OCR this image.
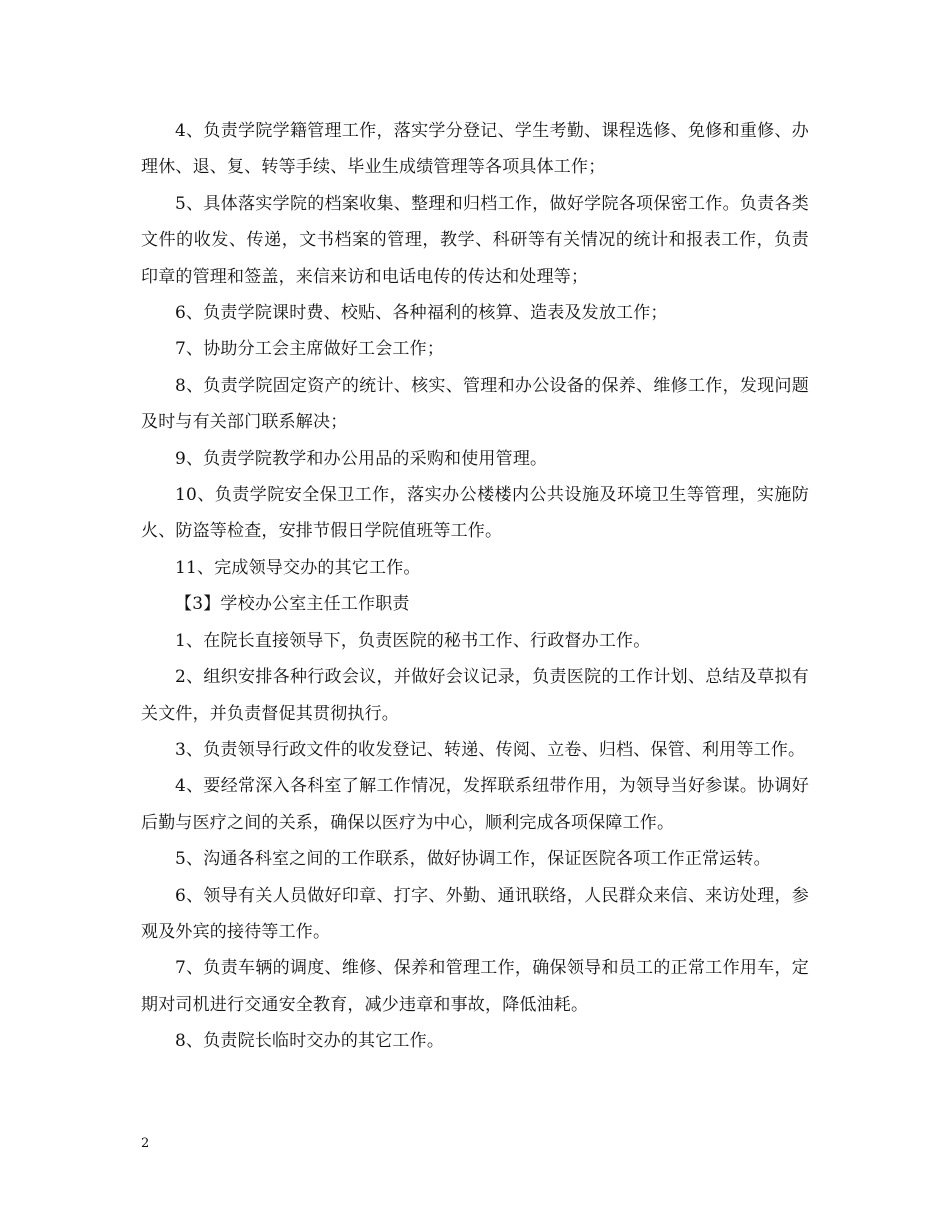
4、负责学院学籍管理工作，落实学分登记、学生考勤、课程选修、免修和重修、办理休、退、复、转等手续、毕业生成绩管理等各项具体工作；

5、具体落实学院的档案收集、整理和归档工作，做好学院各项保密工作。负责各类文件的收发、传递，文书档案的管理，教学、科研等有关情况的统计和报表工作，负责印章的管理和签盖，来信来访和电话电传的传达和处理等；

6、负责学院课时费、校贴、各种福利的核算、造表及发放工作；

7、协助分工会主席做好工会工作；

8、负责学院固定资产的统计、核实、管理和办公设备的保养、维修工作，发现问题及时与有关部门联系解决；

9、负责学院教学和办公用品的采购和使用管理。

10、负责学院安全保卫工作，落实办公楼楼内公共设施及环境卫生等管理，实施防火、防盗等检查，安排节假日学院值班等工作。

11、完成领导交办的其它工作。

【3】学校办公室主任工作职责

1、在院长直接领导下，负责医院的秘书工作、行政督办工作。

2、组织安排各种行政会议，并做好会议记录，负责医院的工作计划、总结及草拟有关文件，并负责督促其贯彻执行。

3、负责领导行政文件的收发登记、转递、传阅、立卷、归档、保管、利用等工作。

4、要经常深入各科室了解工作情况，发挥联系纽带作用，为领导当好参谋。协调好后勤与医疗之间的关系，确保以医疗为中心，顺利完成各项保障工作。

5、沟通各科室之间的工作联系，做好协调工作，保证医院各项工作正常运转。

6、领导有关人员做好印章、打字、外勤、通讯联络，人民群众来信、来访处理，参观及外宾的接待等工作。

7、负责车辆的调度、维修、保养和管理工作，确保领导和员工的正常工作用车，定期对司机进行交通安全教育，减少违章和事故，降低油耗。

8、负责院长临时交办的其它工作。

2
